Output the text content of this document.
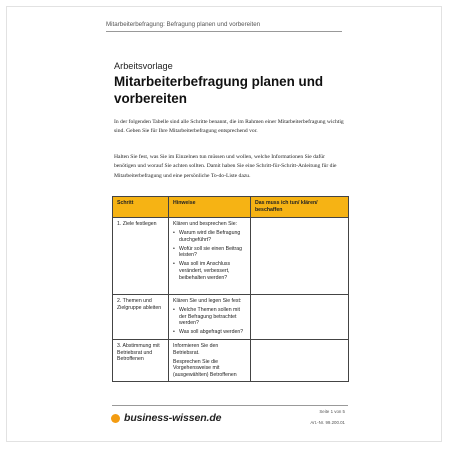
Mitarbeiterbefragung: Befragung planen und vorbereiten
Arbeitsvorlage
Mitarbeiterbefragung planen und vorbereiten
In der folgenden Tabelle sind alle Schritte benannt, die im Rahmen einer Mitarbeiterbefragung wichtig sind. Geben Sie für Ihre Mitarbeiterbefragung entsprechend vor.
Halten Sie fest, was Sie im Einzelnen tun müssen und wollen, welche Informationen Sie dafür benötigen und worauf Sie achten sollten. Damit haben Sie eine Schritt-für-Schritt-Anleitung für die Mitarbeiterbefragung und eine persönliche To-do-Liste dazu.
Schritt	Hinweise	Das muss ich tun/ klären/ beschaffen
1. Ziele festlegen	Klären und besprechen Sie:
• Warum wird die Befragung durchgeführt?
• Wofür soll sie einen Beitrag leisten?
• Was soll im Anschluss verändert, verbessert, beibehalten werden?

2. Themen und Zielgruppe ableiten	Klären Sie und legen Sie fest:
• Welche Themen sollen mit der Befragung betrachtet werden?
• Was soll abgefragt werden?

3. Abstimmung mit Betriebsrat und Betroffenen	Informieren Sie den Betriebsrat.
Besprechen Sie die Vorgehensweise mit (ausgewählten) Betroffenen	

business-wissen.de
Seite 1 von 5
Art.-Nr. 99.200.01
